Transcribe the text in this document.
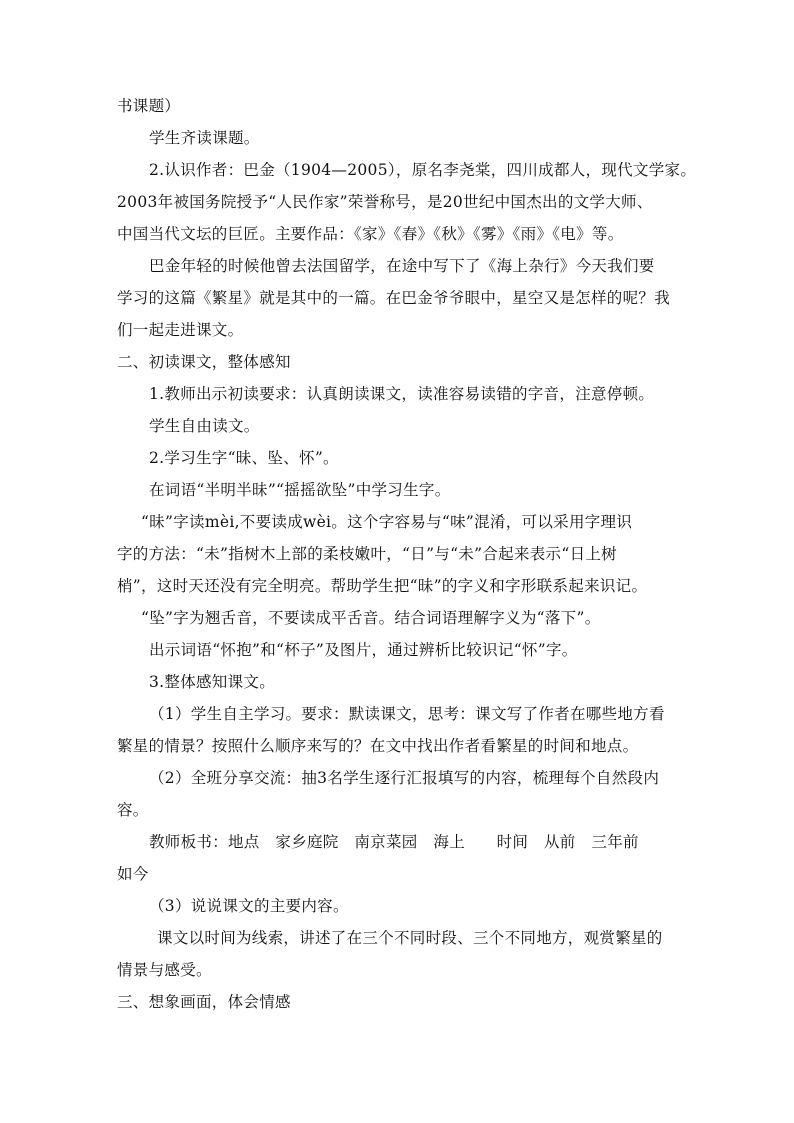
书课题）
学生齐读课题。
2.认识作者：巴金（1904—2005），原名李尧棠，四川成都人，现代文学家。
2003年被国务院授予“人民作家”荣誉称号，是20世纪中国杰出的文学大师、
中国当代文坛的巨匠。主要作品：《家》《春》《秋》《雾》《雨》《电》等。
巴金年轻的时候他曾去法国留学，在途中写下了《海上杂行》今天我们要
学习的这篇《繁星》就是其中的一篇。在巴金爷爷眼中，星空又是怎样的呢？我
们一起走进课文。
二、初读课文，整体感知
1.教师出示初读要求：认真朗读课文，读准容易读错的字音，注意停顿。
学生自由读文。
2.学习生字“昧、坠、怀”。
在词语“半明半昧”“摇摇欲坠”中学习生字。
“昧”字读mèi,不要读成wèi。这个字容易与“味”混淆，可以采用字理识
字的方法：“未”指树木上部的柔枝嫩叶，“日”与“未”合起来表示“日上树
梢”，这时天还没有完全明亮。帮助学生把“昧”的字义和字形联系起来识记。
“坠”字为翘舌音，不要读成平舌音。结合词语理解字义为“落下”。
出示词语“怀抱”和“杯子”及图片，通过辨析比较识记“怀”字。
3.整体感知课文。
（1）学生自主学习。要求：默读课文，思考：课文写了作者在哪些地方看
繁星的情景？按照什么顺序来写的？在文中找出作者看繁星的时间和地点。
（2）全班分享交流：抽3名学生逐行汇报填写的内容，梳理每个自然段内
容。
教师板书：地点　家乡庭院　南京菜园　海上　　时间　从前　三年前
如今
（3）说说课文的主要内容。
课文以时间为线索，讲述了在三个不同时段、三个不同地方，观赏繁星的
情景与感受。
三、想象画面，体会情感
